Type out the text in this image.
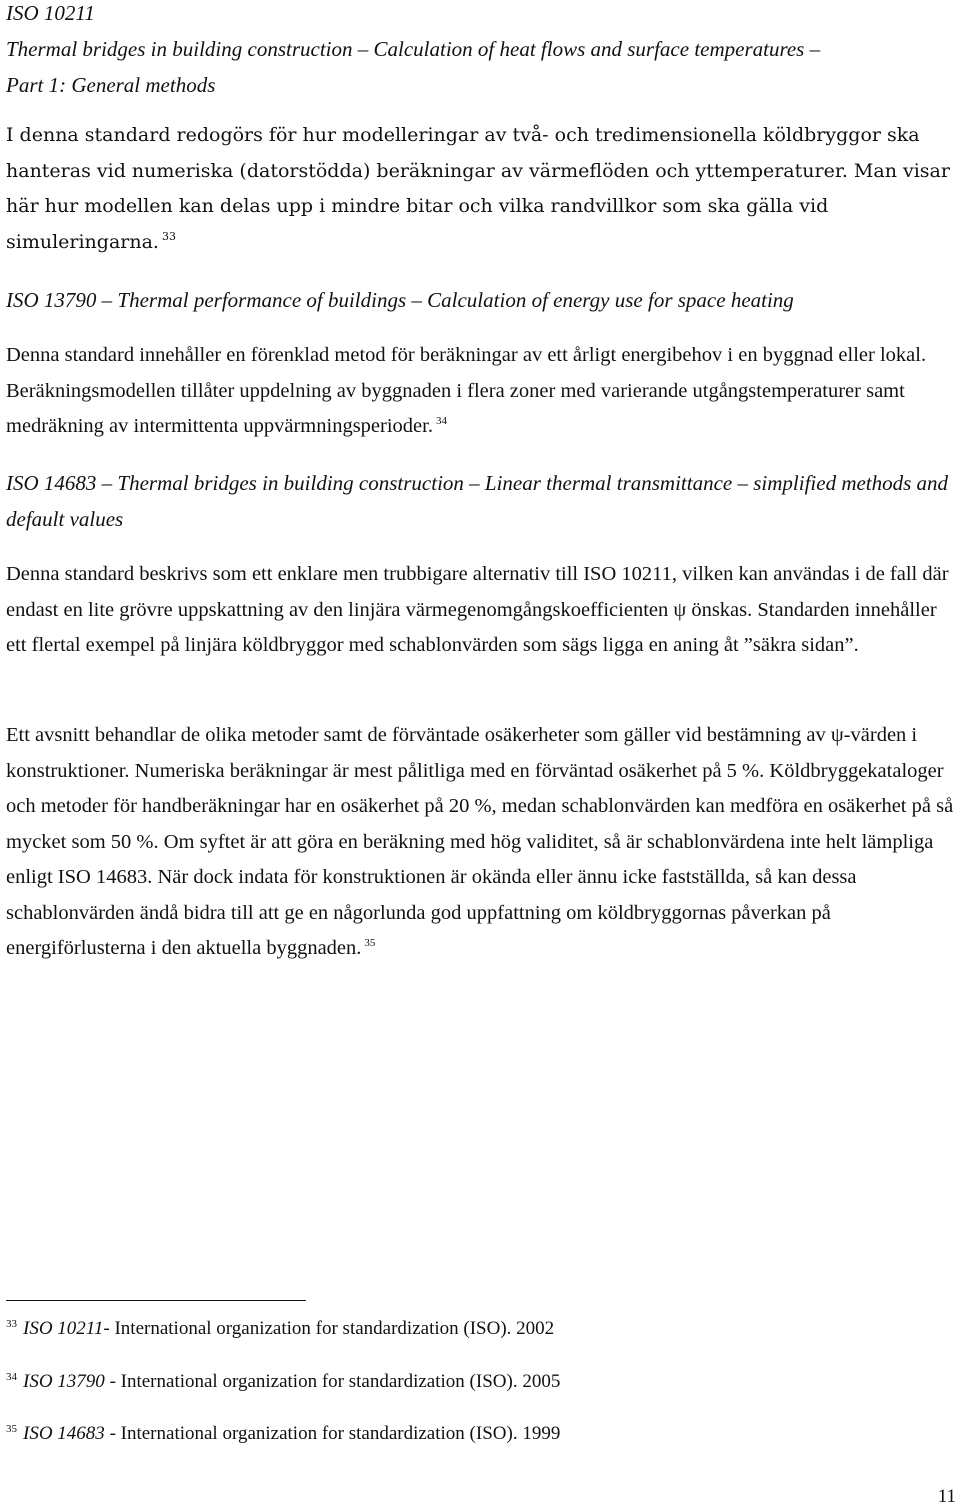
ISO 10211
Thermal bridges in building construction – Calculation of heat flows and surface temperatures –
Part 1: General methods
I denna standard redogörs för hur modelleringar av två- och tredimensionella köldbryggor ska hanteras vid numeriska (datorstödda) beräkningar av värmeflöden och yttemperaturer. Man visar här hur modellen kan delas upp i mindre bitar och vilka randvillkor som ska gälla vid simuleringarna. $^{33}$
ISO 13790 – Thermal performance of buildings – Calculation of energy use for space heating
Denna standard innehåller en förenklad metod för beräkningar av ett årligt energibehov i en byggnad eller lokal. Beräkningsmodellen tillåter uppdelning av byggnaden i flera zoner med varierande utgångstemperaturer samt medräkning av intermittenta uppvärmningsperioder. $^{34}$
ISO 14683 – Thermal bridges in building construction – Linear thermal transmittance – simplified methods and default values
Denna standard beskrivs som ett enklare men trubbigare alternativ till ISO 10211, vilken kan användas i de fall där endast en lite grövre uppskattning av den linjära värmegenomgångskoefficienten ψ önskas. Standarden innehåller ett flertal exempel på linjära köldbryggor med schablonvärden som sägs ligga en aning åt ”säkra sidan”.
Ett avsnitt behandlar de olika metoder samt de förväntade osäkerheter som gäller vid bestämning av ψ-värden i konstruktioner. Numeriska beräkningar är mest pålitliga med en förväntad osäkerhet på 5 %. Köldbryggekataloger och metoder för handberäkningar har en osäkerhet på 20 %, medan schablonvärden kan medföra en osäkerhet på så mycket som 50 %. Om syftet är att göra en beräkning med hög validitet, så är schablonvärdena inte helt lämpliga enligt ISO 14683. När dock indata för konstruktionen är okända eller ännu icke fastställda, så kan dessa schablonvärden ändå bidra till att ge en någorlunda god uppfattning om köldbryggornas påverkan på energiförlusterna i den aktuella byggnaden. $^{35}$
$^{33}$ ISO 10211- International organization for standardization (ISO). 2002
$^{34}$ ISO 13790 - International organization for standardization (ISO). 2005
$^{35}$ ISO 14683 - International organization for standardization (ISO). 1999
11
